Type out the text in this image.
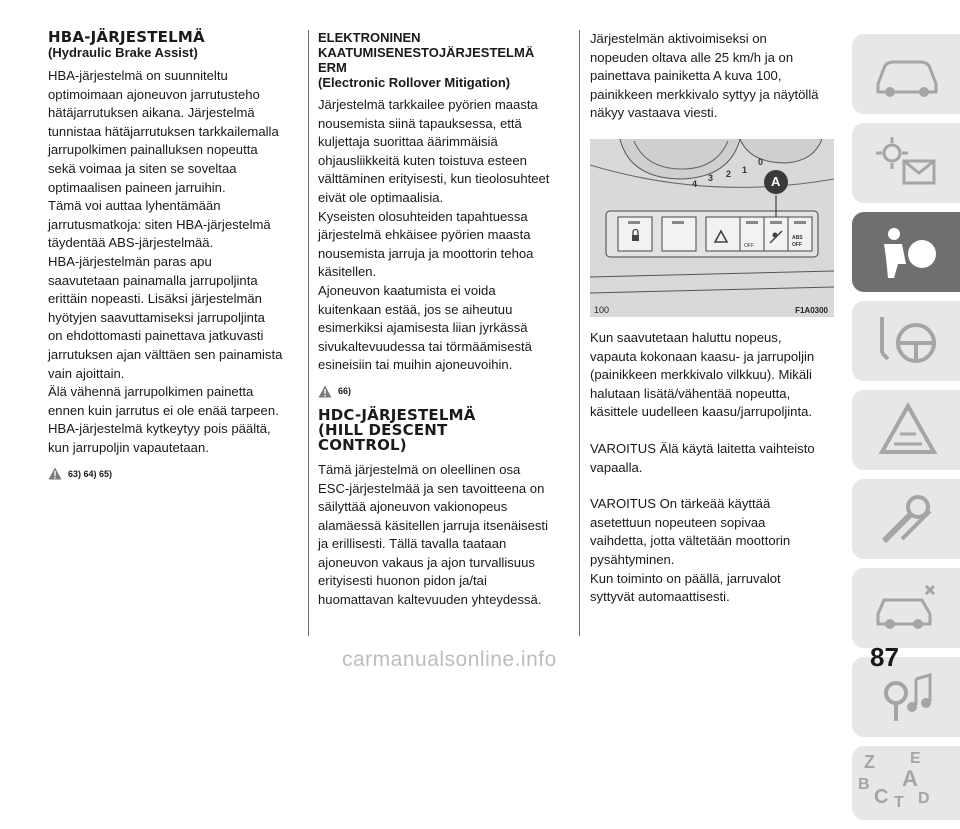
HBA-JÄRJESTELMÄ
(Hydraulic Brake Assist)

HBA-järjestelmä on suunniteltu

optimoimaan ajoneuvon jarrutusteho

hätäjarrutuksen aikana. Järjestelmä

tunnistaa hätäjarrutuksen tarkkailemalla

jarrupolkimen painalluksen nopeutta

sekä voimaa ja siten se soveltaa

optimaalisen paineen jarruihin.

Tämä voi auttaa lyhentämään

jarrutusmatkoja: siten HBA-järjestelmä

täydentää ABS-järjestelmää.

HBA-järjestelmän paras apu

saavutetaan painamalla jarrupoljinta

erittäin nopeasti. Lisäksi järjestelmän

hyötyjen saavuttamiseksi jarrupoljinta

on ehdottomasti painettava jatkuvasti

jarrutuksen ajan välttäen sen painamista

vain ajoittain.

Älä vähennä jarrupolkimen painetta

ennen kuin jarrutus ei ole enää tarpeen.

HBA-järjestelmä kytkeytyy pois päältä,

kun jarrupoljin vapautetaan.

63) 64) 65)
ELEKTRONINEN
KAATUMISENESTOJÄRJESTELMÄ
ERM
(Electronic Rollover Mitigation)

Järjestelmä tarkkailee pyörien maasta

nousemista siinä tapauksessa, että

kuljettaja suorittaa äärimmäisiä

ohjausliikkeitä kuten toistuva esteen

välttäminen erityisesti, kun tieolosuhteet

eivät ole optimaalisia.

Kyseisten olosuhteiden tapahtuessa

järjestelmä ehkäisee pyörien maasta

nousemista jarruja ja moottorin tehoa

käsitellen.

Ajoneuvon kaatumista ei voida

kuitenkaan estää, jos se aiheutuu

esimerkiksi ajamisesta liian jyrkässä

sivukaltevuudessa tai törmäämisestä

esineisiin tai muihin ajoneuvoihin.

66)
HDC-JÄRJESTELMÄ
(HILL DESCENT
CONTROL)

Tämä järjestelmä on oleellinen osa

ESC-järjestelmää ja sen tavoitteena on

säilyttää ajoneuvon vakionopeus

alamäessä käsitellen jarruja itsenäisesti

ja erillisesti. Tällä tavalla taataan

ajoneuvon vakaus ja ajon turvallisuus

erityisesti huonon pidon ja/tai

huomattavan kaltevuuden yhteydessä.

Järjestelmän aktivoimiseksi on

nopeuden oltava alle 25 km/h ja on

painettava painiketta A kuva 100,

painikkeen merkkivalo syttyy ja näytöllä

näkyy vastaava viesti.

4
3 2 1
0
A
OFF
ABS
OFF
100	F1A0300

Kun saavutetaan haluttu nopeus,

vapauta kokonaan kaasu- ja jarrupoljin

(painikkeen merkkivalo vilkkuu). Mikäli

halutaan lisätä/vähentää nopeutta,

käsittele uudelleen kaasu/jarrupoljinta.

VAROITUS Älä käytä laitetta vaihteisto

vapaalla.

VAROITUS On tärkeää käyttää

asetettuun nopeuteen sopivaa

vaihdetta, jotta vältetään moottorin

pysähtyminen.

Kun toiminto on päällä, jarruvalot

syttyvät automaattisesti.

Z E
A
B
C D
T
87
carmanualsonline.info
